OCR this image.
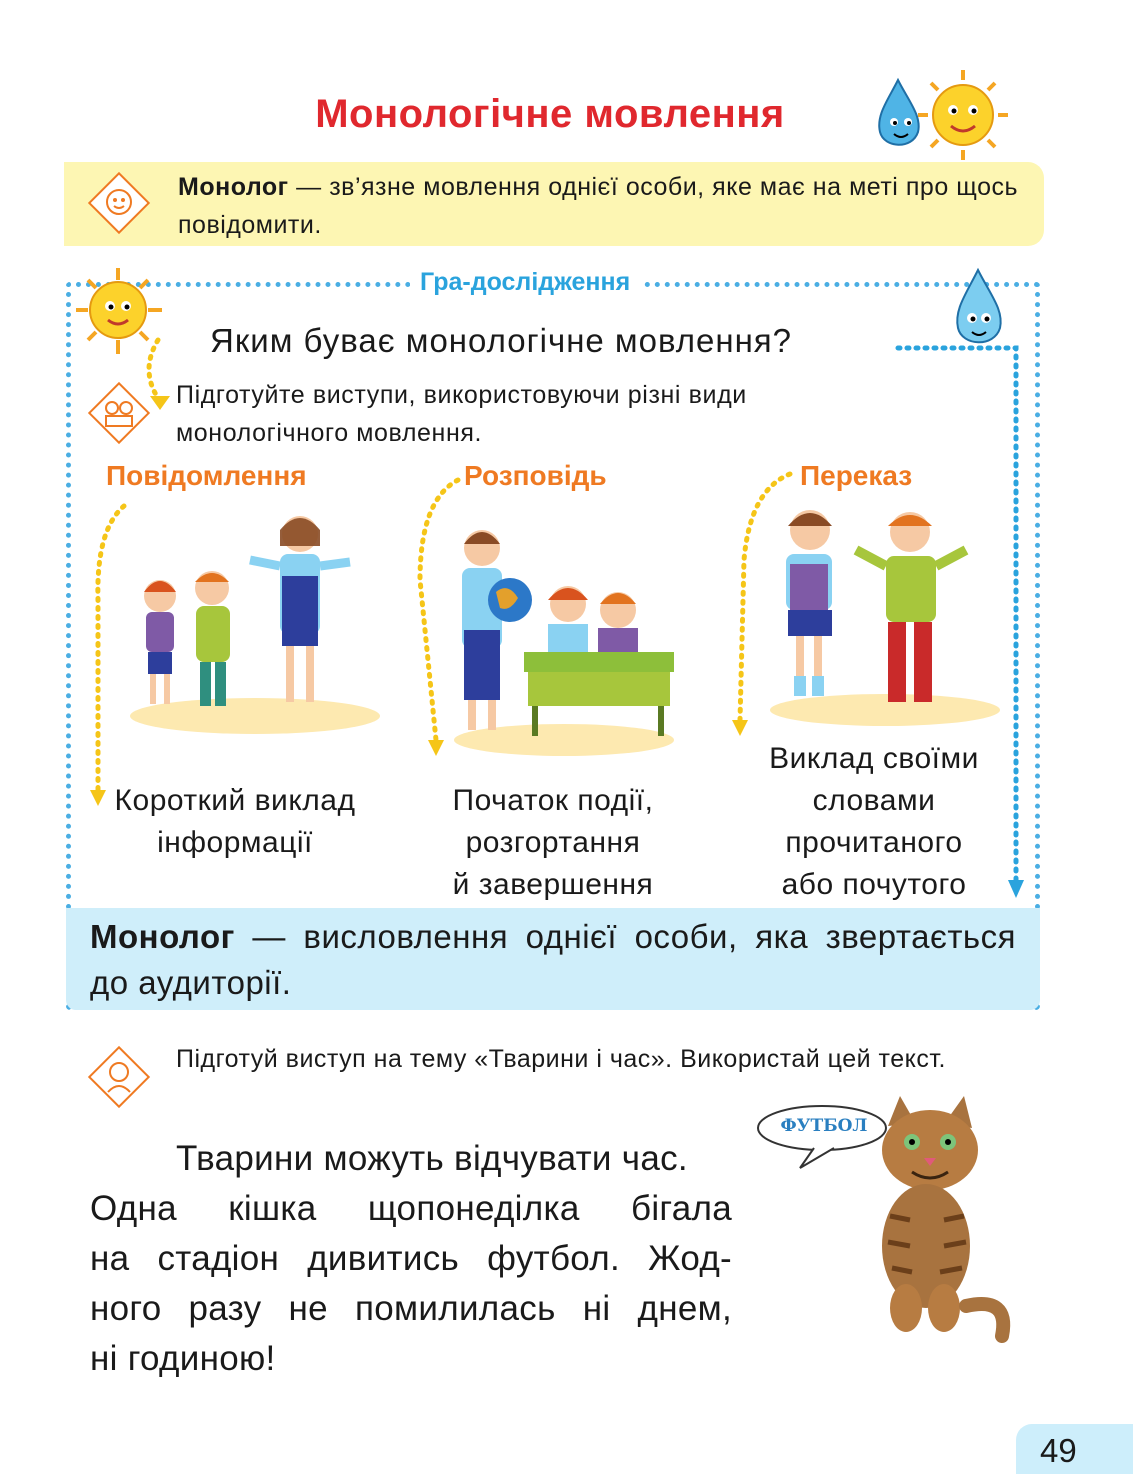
Монологічне мовлення
Монолог — зв’язне мовлення однієї особи, яке має на меті про щось повідомити.
Гра-дослідження
Яким буває монологічне мовлення?
Підготуйте виступи, використовуючи різні види монологічного мовлення.
Повідомлення	Розповідь	Переказ
Короткий виклад
інформації
Початок події,
розгортання
й завершення
Виклад своїми
словами
прочитаного
або почутого
Монолог — висловлення однієї особи, яка звертається до аудиторії.
Підготуй виступ на тему «Тварини і час». Використай цей текст.
Тварини можуть відчувати час.
Одна кішка щопонеділка бігала
на стадіон дивитись футбол. Жод-
ного разу не помилилась ні днем,
ні годиною!
ФУТБОЛ
49
